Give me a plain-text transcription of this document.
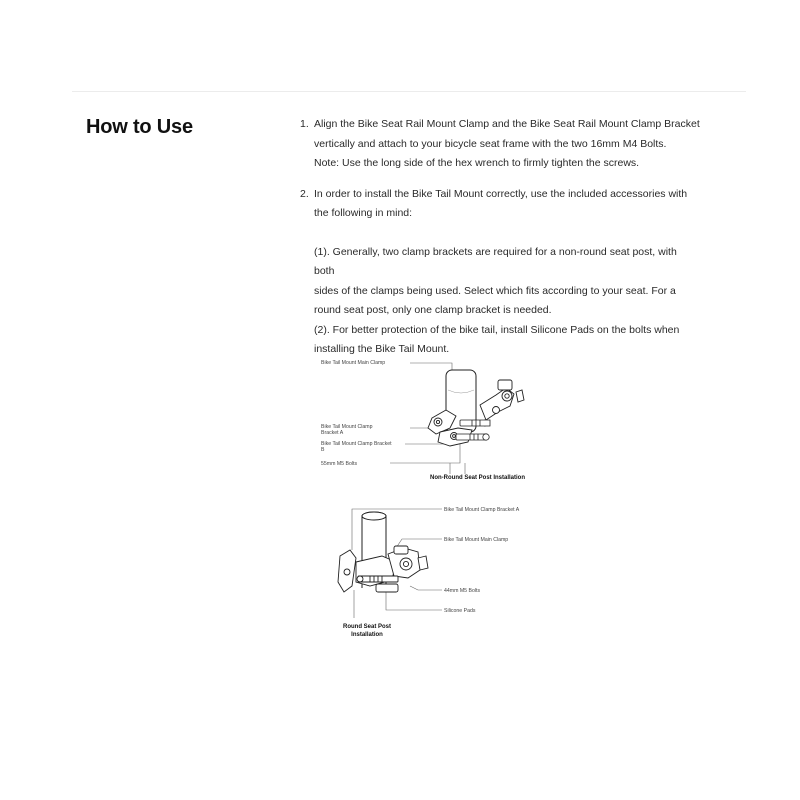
How to Use	1. Align the Bike Seat Rail Mount Clamp and the Bike Seat Rail Mount Clamp Bracket

vertically and attach to your bicycle seat frame with the two 16mm M4 Bolts.

Note: Use the long side of the hex wrench to firmly tighten the screws.

2. In order to install the Bike Tail Mount correctly, use the included accessories with

the following in mind:

(1). Generally, two clamp brackets are required for a non-round seat post, with both

sides of the clamps being used. Select which fits according to your seat. For a

round seat post, only one clamp bracket is needed.

(2). For better protection of the bike tail, install Silicone Pads on the bolts when

installing the Bike Tail Mount.

Bike Tail Mount Main Clamp
Bike Tail Mount Clamp
Bracket A
Bike Tail Mount Clamp Bracket
B
55mm M5 Bolts
Non-Round Seat Post Installation
Bike Tail Mount Clamp Bracket A
Bike Tail Mount Main Clamp
44mm M5 Bolts
Silicone Pads
Round Seat Post
Installation
